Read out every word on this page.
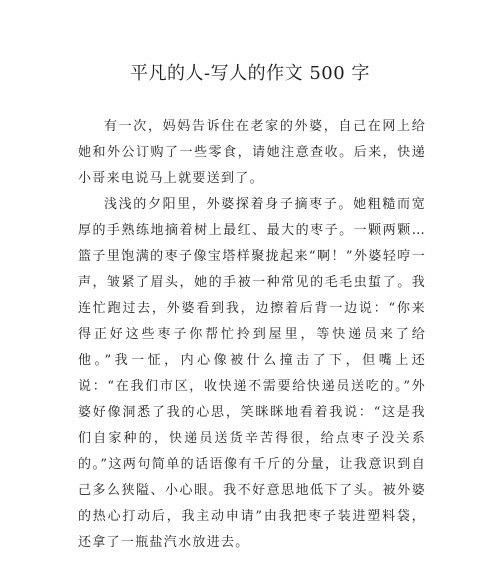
平凡的人-写人的作文 500 字

有一次，妈妈告诉住在老家的外婆，自己在网上给她和外公订购了一些零食，请她注意查收。后来，快递小哥来电说马上就要送到了。

浅浅的夕阳里，外婆探着身子摘枣子。她粗糙而宽厚的手熟练地摘着树上最红、最大的枣子。一颗两颗…篮子里饱满的枣子像宝塔样聚拢起来“啊！”外婆轻哼一声，皱紧了眉头，她的手被一种常见的毛毛虫蜇了。我连忙跑过去，外婆看到我，边擦着后背一边说：“你来得正好这些枣子你帮忙拎到屋里，等快递员来了给他。”我一怔，内心像被什么撞击了下，但嘴上还说：“在我们市区，收快递不需要给快递员送吃的。”外婆好像洞悉了我的心思，笑眯眯地看着我说：“这是我们自家种的，快递员送货辛苦得很，给点枣子没关系的。”这两句简单的话语像有千斤的分量，让我意识到自己多么狭隘、小心眼。我不好意思地低下了头。被外婆的热心打动后，我主动申请”由我把枣子装进塑料袋，还拿了一瓶盐汽水放进去。
